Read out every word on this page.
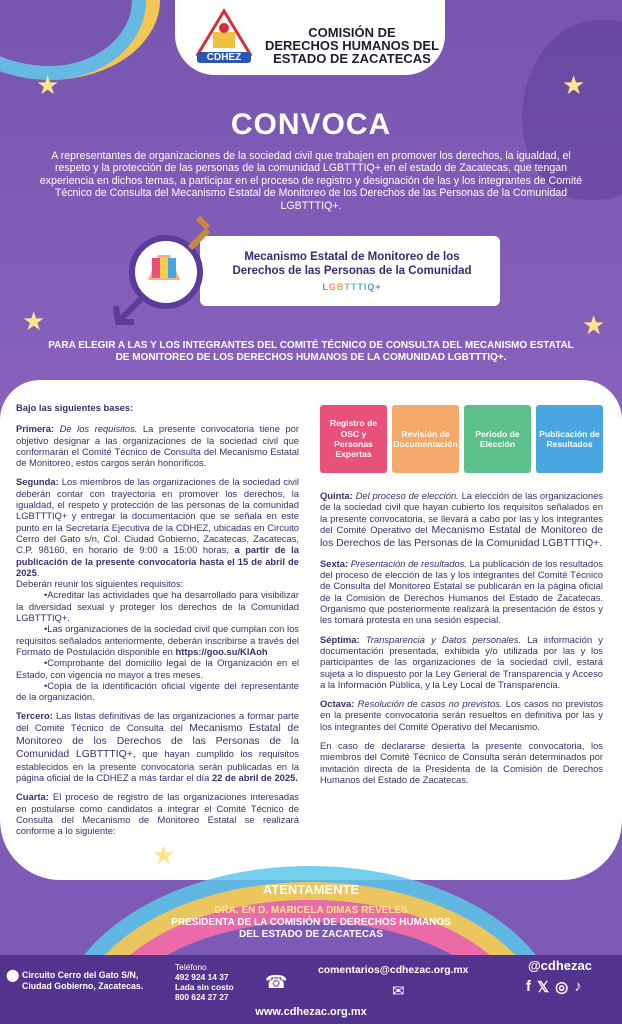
CDHEZ
COMISIÓN DE
DERECHOS HUMANOS DEL
ESTADO DE ZACATECAS
★	★
★	★
CONVOCA
A representantes de organizaciones de la sociedad civil que trabajen en promover los derechos, la igualdad, el respeto y la protección de las personas de la comunidad LGBTTTIQ+ en el estado de Zacatecas, que tengan experiencia en dichos temas, a participar en el proceso de registro y designación de las y los integrantes de Comité Técnico de Consulta del Mecanismo Estatal de Monitoreo de los Derechos de las Personas de la Comunidad LGBTTTIQ+.
Mecanismo Estatal de Monitoreo de los
Derechos de las Personas de la Comunidad
LGBTTTIQ+
PARA ELEGIR A LAS Y LOS INTEGRANTES DEL COMITÉ TÉCNICO DE CONSULTA DEL MECANISMO ESTATAL DE MONITOREO DE LOS DERECHOS HUMANOS DE LA COMUNIDAD LGBTTTIQ+.

Bajo las siguientes bases:

Primera: De los requisitos. La presente convocatoria tiene por objetivo designar a las organizaciones de la sociedad civil que conformarán el Comité Técnico de Consulta del Mecanismo Estatal de Monitoreo, estos cargos serán honoríficos.

Segunda: Los miembros de las organizaciones de la sociedad civil deberán contar con trayectoria en promover los derechos, la igualdad, el respeto y protección de las personas de la comunidad LGBTTTIQ+ y entregar la documentación que se señala en este punto en la Secretaría Ejecutiva de la CDHEZ, ubicadas en Circuito Cerro del Gato s/n, Col. Ciudad Gobierno, Zacatecas, Zacatecas, C.P. 98160, en horario de 9:00 a 15:00 horas, a partir de la publicación de la presente convocatoria hasta el 15 de abril de 2025.

Deberán reunir los siguientes requisitos:

•Acreditar las actividades que ha desarrollado para visibilizar la diversidad sexual y proteger los derechos de la Comunidad LGBTTTIQ+.

•Las organizaciones de la sociedad civil que cumplan con los requisitos señalados anteriormente, deberán inscribirse a través del Formato de Postulación disponible en https://goo.su/KlAoh

•Comprobante del domicilio legal de la Organización en el Estado, con vigencia no mayor a tres meses.

•Copia de la identificación oficial vigente del representante de la organización.

Tercero: Las listas definitivas de las organizaciones a formar parte del Comité Técnico de Consulta del Mecanismo Estatal de Monitoreo de los Derechos de las Personas de la Comunidad LGBTTTIQ+, que hayan cumplido los requisitos establecidos en la presente convocatoria serán publicadas en la página oficial de la CDHEZ a más tardar el día 22 de abril de 2025.

Cuarta: El proceso de registro de las organizaciones interesadas en postularse como candidatos a integrar el Comité Técnico de Consulta del Mecanismo de Monitoreo Estatal se realizará conforme a lo siguiente:

Registro de OSC y Personas Expertas
Revisión de Documentación
Periodo de Elección
Publicación de Resultados

Quinta: Del proceso de elección. La elección de las organizaciones de la sociedad civil que hayan cubierto los requisitos señalados en la presente convocatoria, se llevará a cabo por las y los integrantes del Comité Operativo del Mecanismo Estatal de Monitoreo de los Derechos de las Personas de la Comunidad LGBTTTIQ+.

Sexta: Presentación de resultados. La publicación de los resultados del proceso de elección de las y los integrantes del Comité Técnico de Consulta del Monitoreo Estatal se publicarán en la página oficial de la Comisión de Derechos Humanos del Estado de Zacatecas. Organismo que posteriormente realizará la presentación de éstos y les tomará protesta en una sesión especial.

Séptima: Transparencia y Datos personales. La información y documentación presentada, exhibida y/o utilizada por las y los participantes de las organizaciones de la sociedad civil, estará sujeta a lo dispuesto por la Ley General de Transparencia y Acceso a la Información Pública, y la Ley Local de Transparencia.

Octava: Resolución de casos no previstos. Los casos no previstos en la presente convocatoria serán resueltos en definitiva por las y los integrantes del Comité Operativo del Mecanismo.

En caso de declararse desierta la presente convocatoria, los miembros del Comité Técnico de Consulta serán determinados por invitación directa de la Presidenta de la Comisión de Derechos Humanos del Estado de Zacatecas.

★
ATENTAMENTE
DRA. EN D. MARICELA DIMAS REVELES
PRESIDENTA DE LA COMISIÓN DE DERECHOS HUMANOS
DEL ESTADO DE ZACATECAS
⬤ Circuito Cerro del Gato S/N,
Ciudad Gobierno, Zacatecas.
Teléfono
492 924 14 37
Lada sin costo
800 624 27 27
☎
comentarios@cdhezac.org.mx
✉
@cdhezac
f 𝕏 ◎ ♪
www.cdhezac.org.mx
